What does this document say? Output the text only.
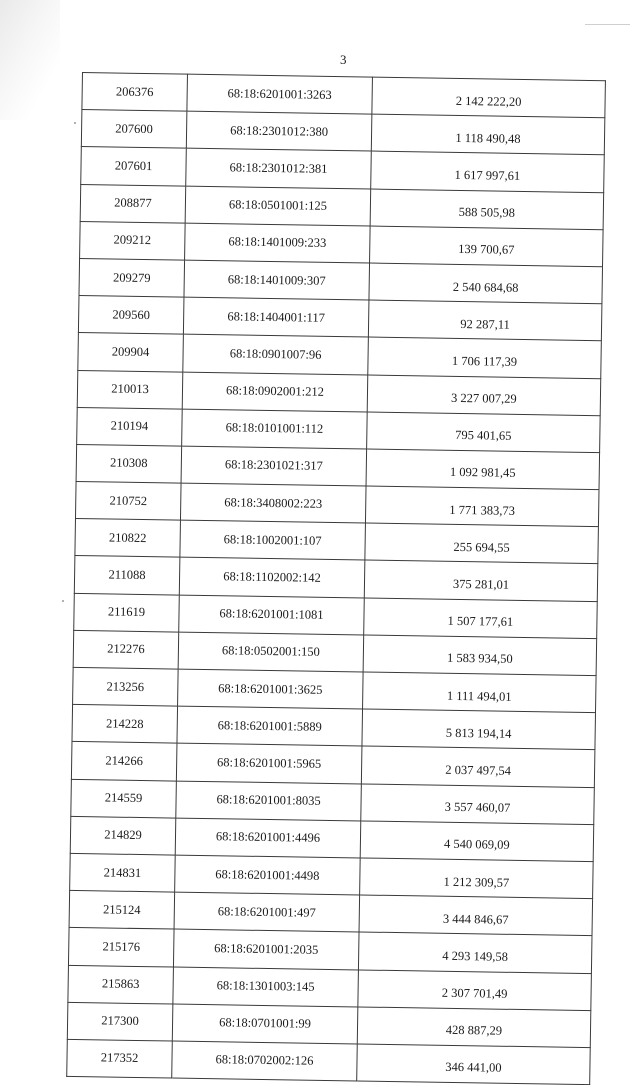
3
206376	68:18:6201001:3263	2 142 222,20
207600	68:18:2301012:380	1 118 490,48
207601	68:18:2301012:381	1 617 997,61
208877	68:18:0501001:125	588 505,98
209212	68:18:1401009:233	139 700,67
209279	68:18:1401009:307	2 540 684,68
209560	68:18:1404001:117	92 287,11
209904	68:18:0901007:96	1 706 117,39
210013	68:18:0902001:212	3 227 007,29
210194	68:18:0101001:112	795 401,65
210308	68:18:2301021:317	1 092 981,45
210752	68:18:3408002:223	1 771 383,73
210822	68:18:1002001:107	255 694,55
211088	68:18:1102002:142	375 281,01
211619	68:18:6201001:1081	1 507 177,61
212276	68:18:0502001:150	1 583 934,50
213256	68:18:6201001:3625	1 111 494,01
214228	68:18:6201001:5889	5 813 194,14
214266	68:18:6201001:5965	2 037 497,54
214559	68:18:6201001:8035	3 557 460,07
214829	68:18:6201001:4496	4 540 069,09
214831	68:18:6201001:4498	1 212 309,57
215124	68:18:6201001:497	3 444 846,67
215176	68:18:6201001:2035	4 293 149,58
215863	68:18:1301003:145	2 307 701,49
217300	68:18:0701001:99	428 887,29
217352	68:18:0702002:126	346 441,00
